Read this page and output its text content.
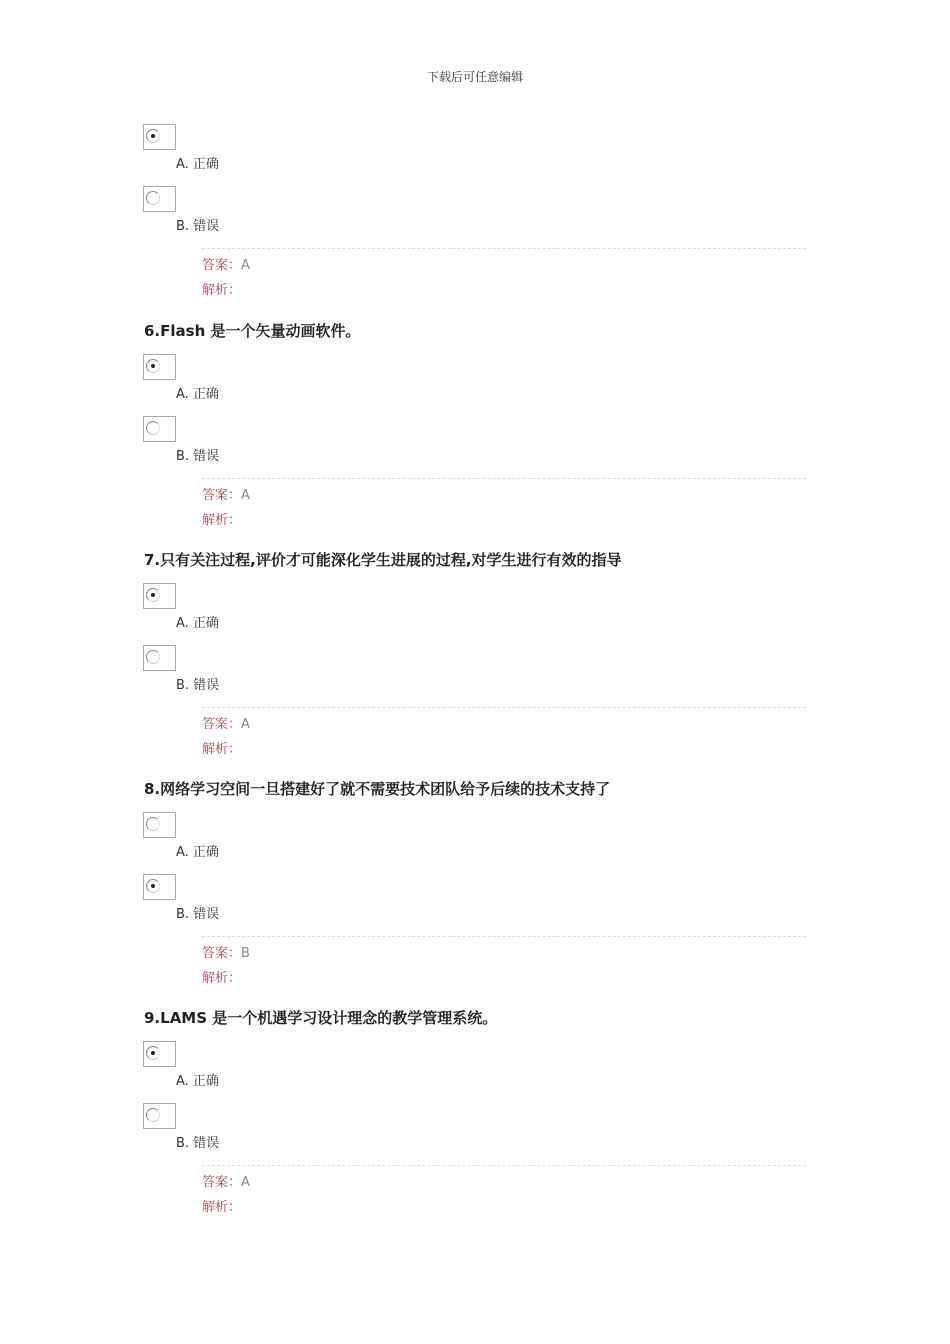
下载后可任意编辑
A. 正确
B. 错误
答案：A
解析：
6.Flash 是一个矢量动画软件。
A. 正确
B. 错误
答案：A
解析：
7.只有关注过程,评价才可能深化学生进展的过程,对学生进行有效的指导
A. 正确
B. 错误
答案：A
解析：
8.网络学习空间一旦搭建好了就不需要技术团队给予后续的技术支持了
A. 正确
B. 错误
答案：B
解析：
9.LAMS 是一个机遇学习设计理念的教学管理系统。
A. 正确
B. 错误
答案：A
解析：
